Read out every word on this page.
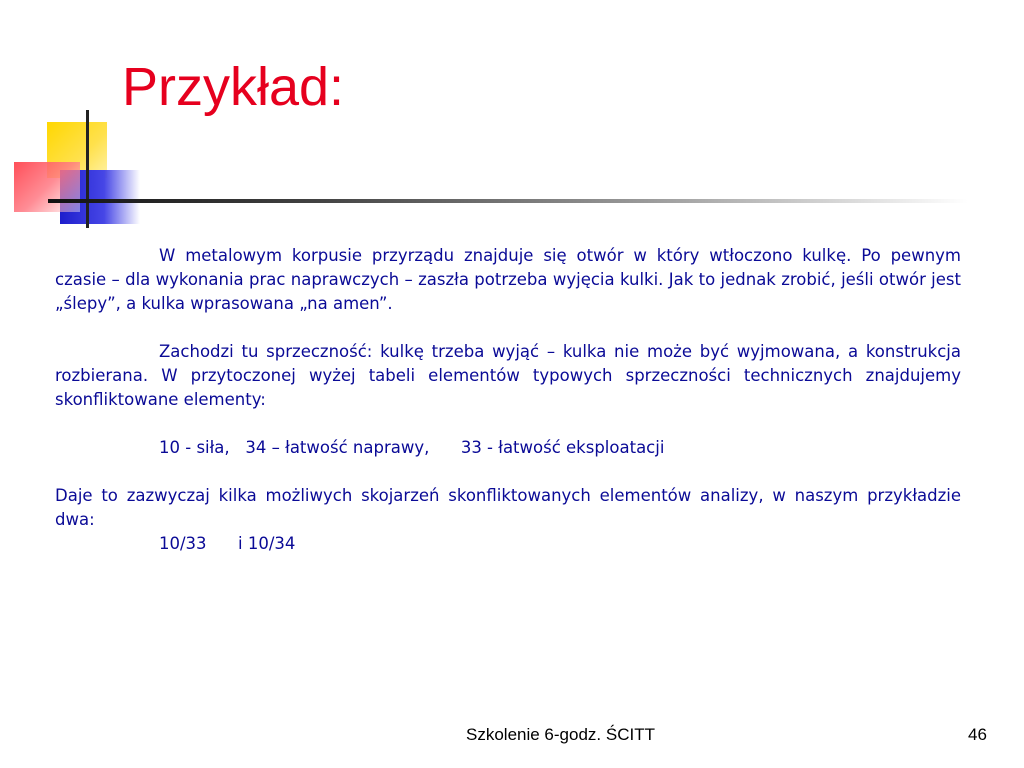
Przykład:

W metalowym korpusie przyrządu znajduje się otwór w który wtłoczono kulkę. Po pewnym czasie – dla wykonania prac naprawczych – zaszła potrzeba wyjęcia kulki. Jak to jednak zrobić, jeśli otwór jest „ślepy”, a kulka wprasowana „na amen”.

Zachodzi tu sprzeczność: kulkę trzeba wyjąć – kulka nie może być wyjmowana, a konstrukcja rozbierana. W przytoczonej wyżej tabeli elementów typowych sprzeczności technicznych znajdujemy skonfliktowane elementy:

10 - siła,   34 – łatwość naprawy,      33 - łatwość eksploatacji

Daje to zazwyczaj kilka możliwych skojarzeń skonfliktowanych elementów analizy, w naszym przykładzie dwa:

10/33      i 10/34

Szkolenie 6-godz. ŚCITT	46
